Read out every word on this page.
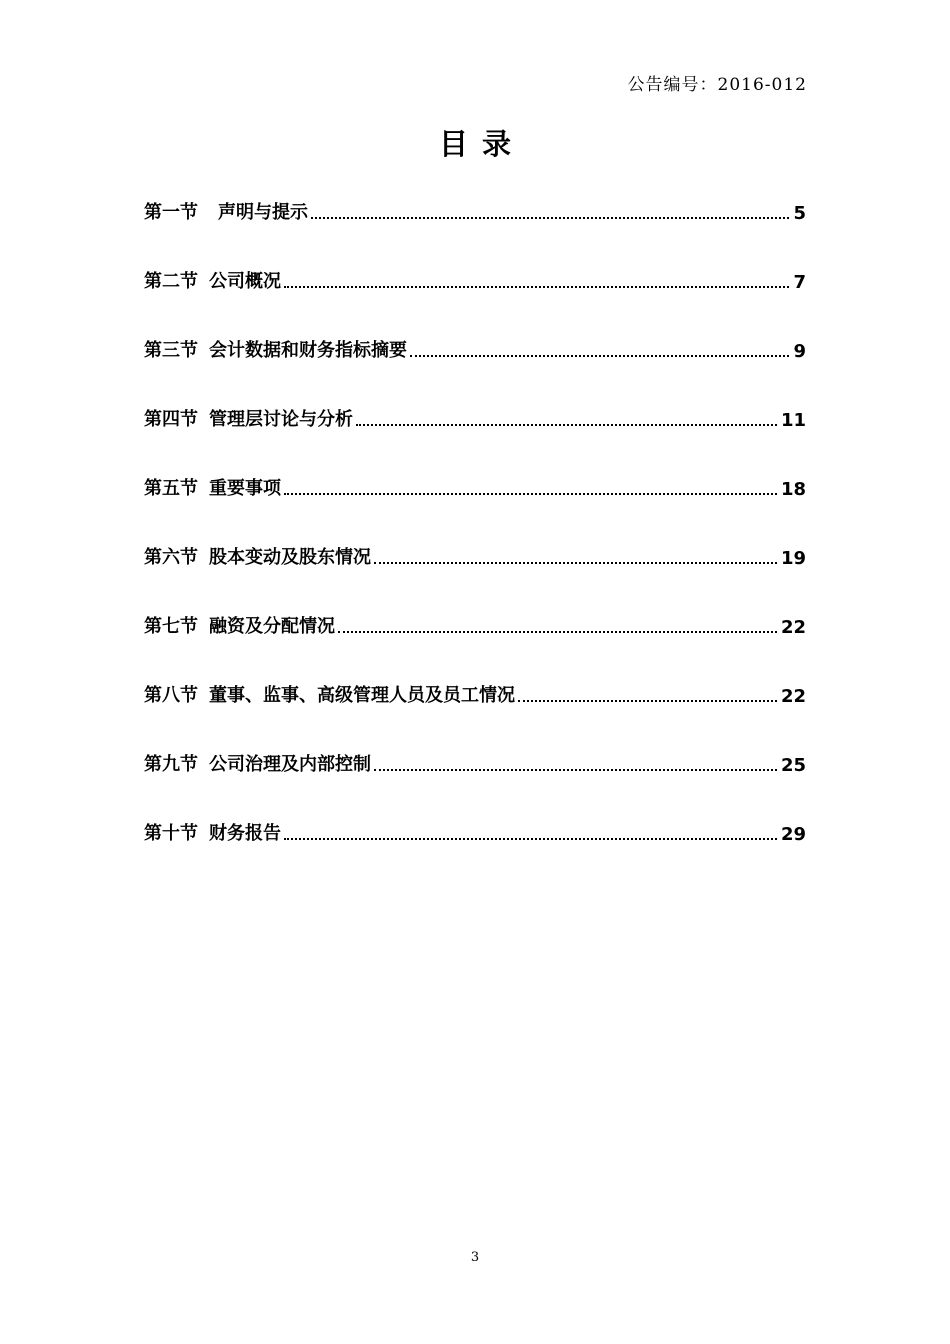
公告编号：2016-012
目录
第一节 声明与提示	5
第二节 公司概况	7
第三节 会计数据和财务指标摘要	9
第四节 管理层讨论与分析	11
第五节 重要事项	18
第六节 股本变动及股东情况	19
第七节 融资及分配情况	22
第八节 董事、监事、高级管理人员及员工情况	22
第九节 公司治理及内部控制	25
第十节 财务报告	29
3
